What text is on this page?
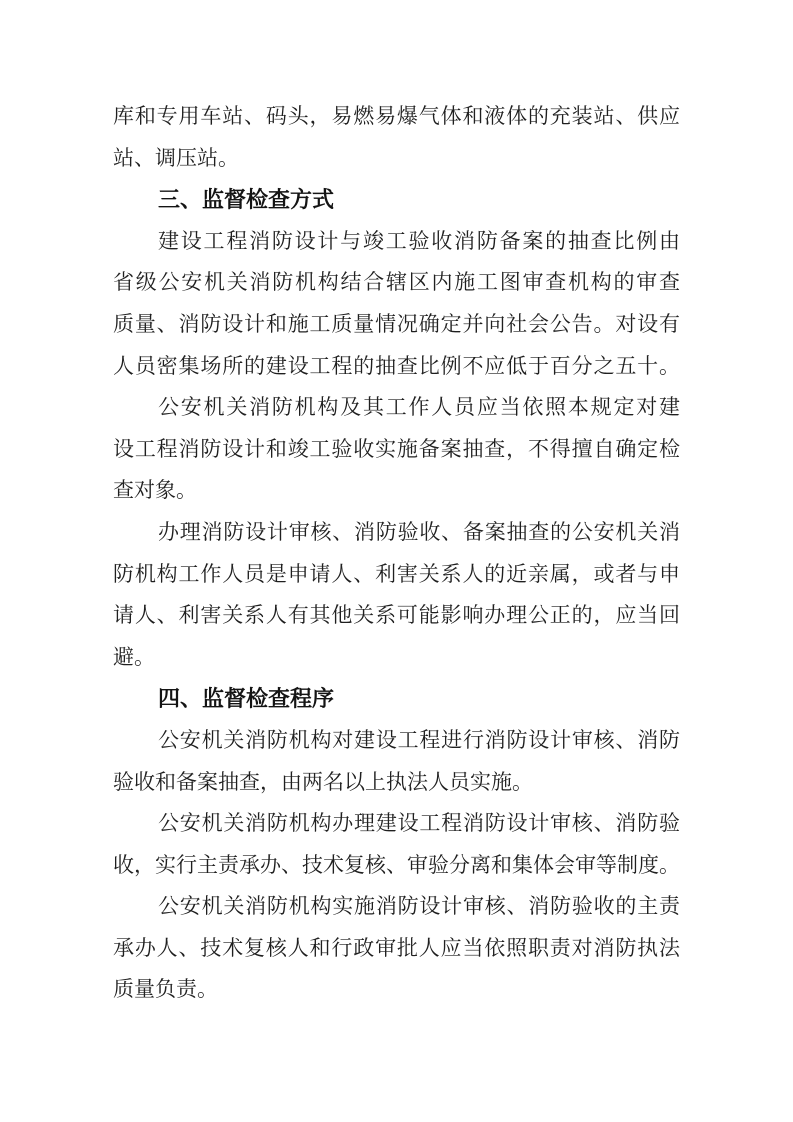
库和专用车站、码头，易燃易爆气体和液体的充装站、供应
站、调压站。
三、监督检查方式
建设工程消防设计与竣工验收消防备案的抽查比例由
省级公安机关消防机构结合辖区内施工图审查机构的审查
质量、消防设计和施工质量情况确定并向社会公告。对设有
人员密集场所的建设工程的抽查比例不应低于百分之五十。
公安机关消防机构及其工作人员应当依照本规定对建
设工程消防设计和竣工验收实施备案抽查，不得擅自确定检
查对象。
办理消防设计审核、消防验收、备案抽查的公安机关消
防机构工作人员是申请人、利害关系人的近亲属，或者与申
请人、利害关系人有其他关系可能影响办理公正的，应当回
避。
四、监督检查程序
公安机关消防机构对建设工程进行消防设计审核、消防
验收和备案抽查，由两名以上执法人员实施。
公安机关消防机构办理建设工程消防设计审核、消防验
收，实行主责承办、技术复核、审验分离和集体会审等制度。
公安机关消防机构实施消防设计审核、消防验收的主责
承办人、技术复核人和行政审批人应当依照职责对消防执法
质量负责。
